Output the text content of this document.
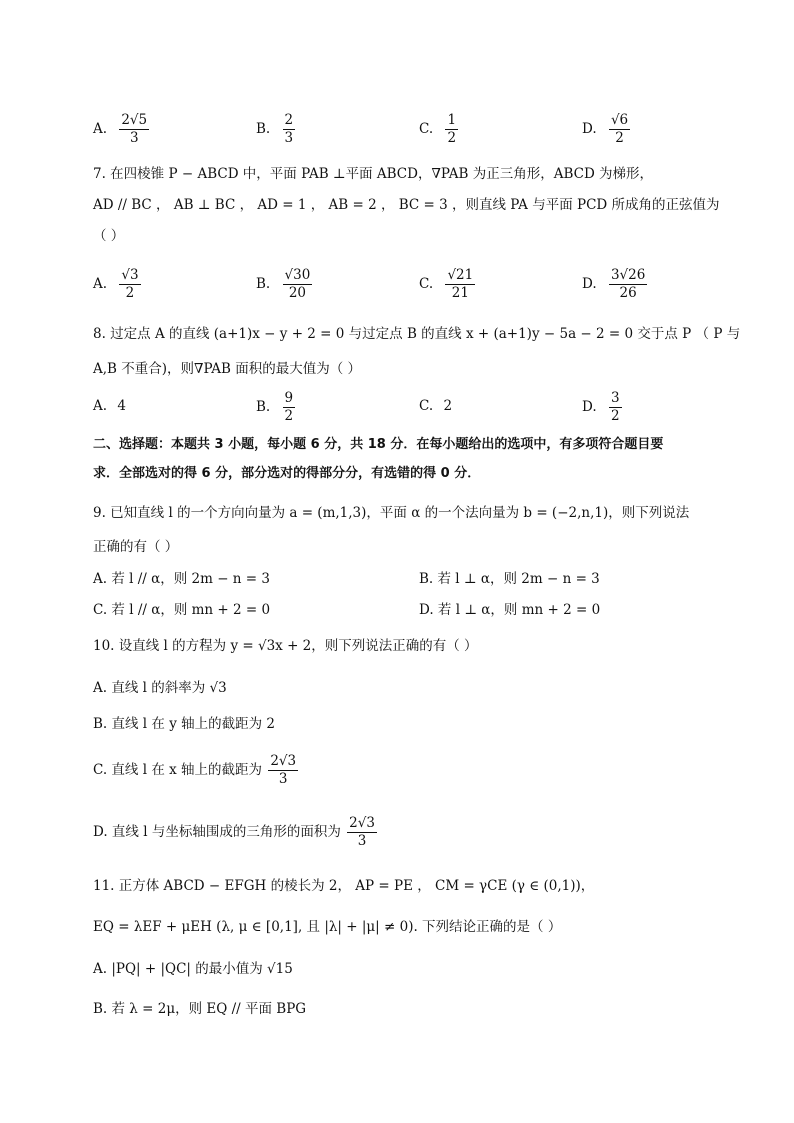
A. $\frac{2√5}{3}$	B. $\frac{2}{3}$	C. $\frac{1}{2}$	D. $\frac{√6}{2}$
7. 在四棱锥 P − ABCD 中，平面 PAB ⊥平面 ABCD，∇PAB 为正三角形，ABCD 为梯形，
AD // BC ， AB ⊥ BC ， AD = 1 ， AB = 2 ， BC = 3 ，则直线 PA 与平面 PCD 所成角的正弦值为
（ ）
A. $\frac{√3}{2}$	B. $\frac{√30}{20}$	C. $\frac{√21}{21}$	D. $\frac{3√26}{26}$
8. 过定点 A 的直线 (a+1)x − y + 2 = 0 与过定点 B 的直线 x + (a+1)y − 5a − 2 = 0 交于点 P （ P 与
A,B 不重合)，则∇PAB 面积的最大值为（ ）
A. 4	B. $\frac{9}{2}$	C. 2	D. $\frac{3}{2}$
二、选择题：本题共 3 小题，每小题 6 分，共 18 分．在每小题给出的选项中，有多项符合题目要
求．全部选对的得 6 分，部分选对的得部分分，有选错的得 0 分．
9. 已知直线 l 的一个方向向量为 a = (m,1,3)，平面 α 的一个法向量为 b = (−2,n,1)，则下列说法
正确的有（ ）
A. 若 l // α，则 2m − n = 3	B. 若 l ⊥ α，则 2m − n = 3
C. 若 l // α，则 mn + 2 = 0	D. 若 l ⊥ α，则 mn + 2 = 0
10. 设直线 l 的方程为 y = √3x + 2，则下列说法正确的有（ ）
A. 直线 l 的斜率为 √3
B. 直线 l 在 y 轴上的截距为 2
C. 直线 l 在 x 轴上的截距为 $\frac{2√3}{3}$
D. 直线 l 与坐标轴围成的三角形的面积为 $\frac{2√3}{3}$
11. 正方体 ABCD − EFGH 的棱长为 2， AP = PE ， CM = γCE (γ ∈ (0,1))，
EQ = λEF + μEH (λ, μ ∈ [0,1], 且 |λ| + |μ| ≠ 0). 下列结论正确的是（ ）
A. |PQ| + |QC| 的最小值为 √15
B. 若 λ = 2μ，则 EQ // 平面 BPG
